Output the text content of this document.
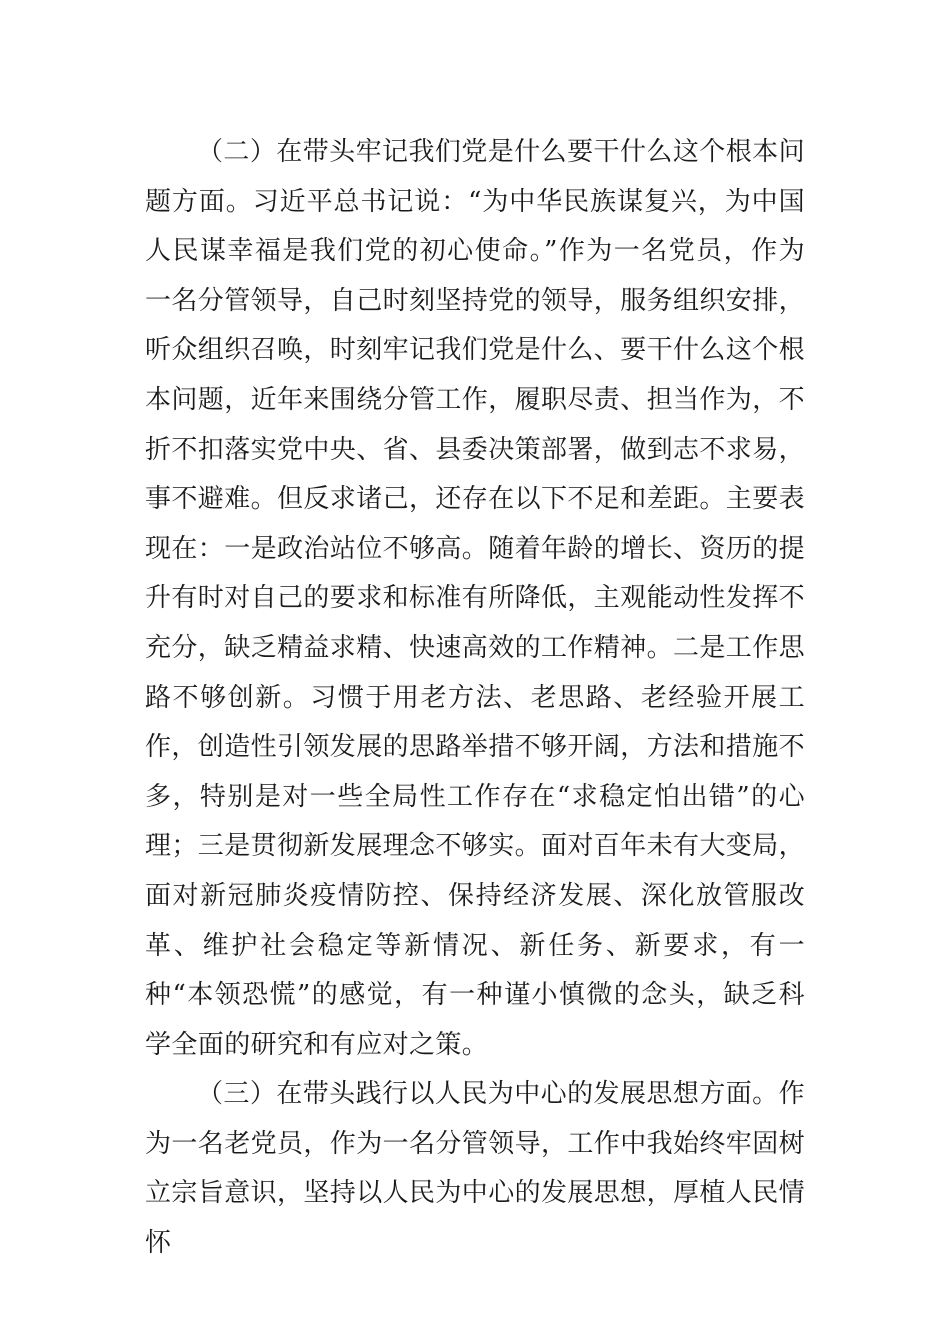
（二）在带头牢记我们党是什么要干什么这个根本问题方面。习近平总书记说：“为中华民族谋复兴，为中国人民谋幸福是我们党的初心使命。”作为一名党员，作为一名分管领导，自己时刻坚持党的领导，服务组织安排，听众组织召唤，时刻牢记我们党是什么、要干什么这个根本问题，近年来围绕分管工作，履职尽责、担当作为，不折不扣落实党中央、省、县委决策部署，做到志不求易，事不避难。但反求诸己，还存在以下不足和差距。主要表现在：一是政治站位不够高。随着年龄的增长、资历的提升有时对自己的要求和标准有所降低，主观能动性发挥不充分，缺乏精益求精、快速高效的工作精神。二是工作思路不够创新。习惯于用老方法、老思路、老经验开展工作，创造性引领发展的思路举措不够开阔，方法和措施不多，特别是对一些全局性工作存在“求稳定怕出错”的心理；三是贯彻新发展理念不够实。面对百年未有大变局，面对新冠肺炎疫情防控、保持经济发展、深化放管服改革、维护社会稳定等新情况、新任务、新要求，有一种“本领恐慌”的感觉，有一种谨小慎微的念头，缺乏科学全面的研究和有应对之策。

（三）在带头践行以人民为中心的发展思想方面。作为一名老党员，作为一名分管领导，工作中我始终牢固树立宗旨意识，坚持以人民为中心的发展思想，厚植人民情怀
